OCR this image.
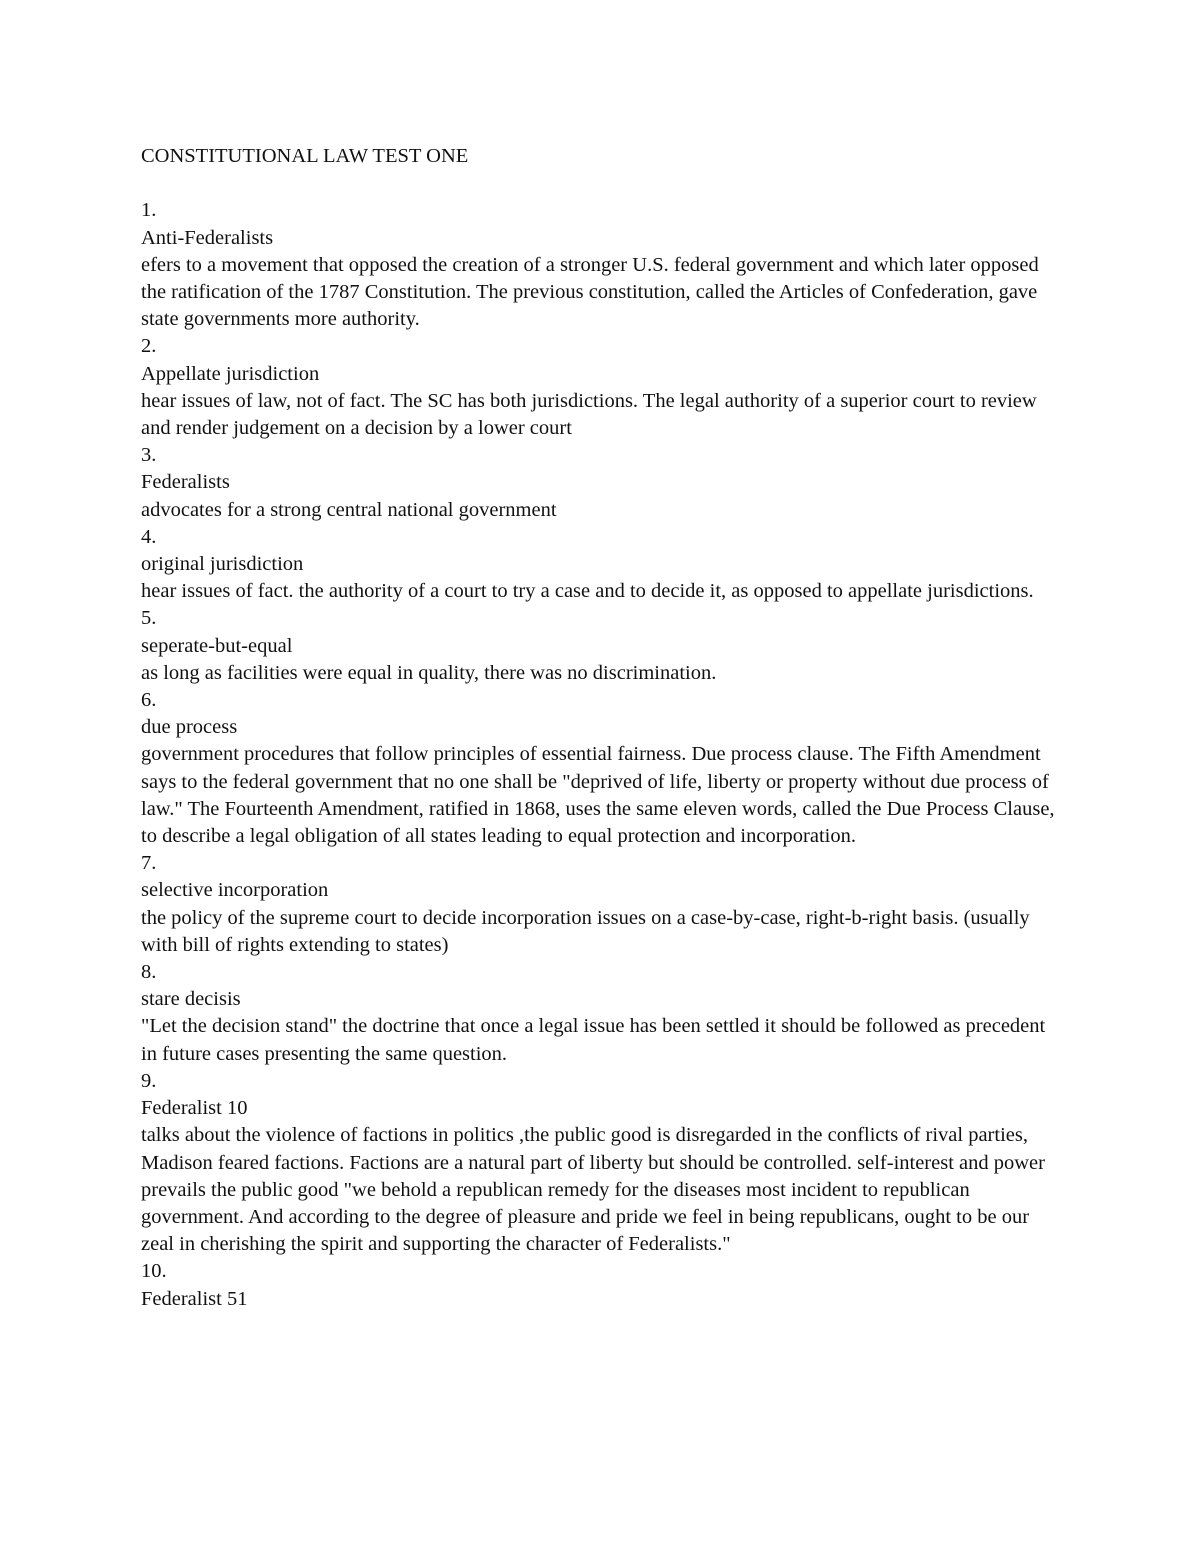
CONSTITUTIONAL LAW TEST ONE

1.

Anti-Federalists

efers to a movement that opposed the creation of a stronger U.S. federal government and which later opposed the ratification of the 1787 Constitution. The previous constitution, called the Articles of Confederation, gave state governments more authority.

2.

Appellate jurisdiction

hear issues of law, not of fact. The SC has both jurisdictions. The legal authority of a superior court to review and render judgement on a decision by a lower court

3.

Federalists

advocates for a strong central national government

4.

original jurisdiction

hear issues of fact. the authority of a court to try a case and to decide it, as opposed to appellate jurisdictions.

5.

seperate-but-equal

as long as facilities were equal in quality, there was no discrimination.

6.

due process

government procedures that follow principles of essential fairness. Due process clause. The Fifth Amendment says to the federal government that no one shall be "deprived of life, liberty or property without due process of law." The Fourteenth Amendment, ratified in 1868, uses the same eleven words, called the Due Process Clause, to describe a legal obligation of all states leading to equal protection and incorporation.

7.

selective incorporation

the policy of the supreme court to decide incorporation issues on a case-by-case, right-b-right basis. (usually with bill of rights extending to states)

8.

stare decisis

"Let the decision stand" the doctrine that once a legal issue has been settled it should be followed as precedent in future cases presenting the same question.

9.

Federalist 10

talks about the violence of factions in politics ,the public good is disregarded in the conflicts of rival parties, Madison feared factions. Factions are a natural part of liberty but should be controlled. self-interest and power prevails the public good "we behold a republican remedy for the diseases most incident to republican government. And according to the degree of pleasure and pride we feel in being republicans, ought to be our zeal in cherishing the spirit and supporting the character of Federalists."

10.

Federalist 51
